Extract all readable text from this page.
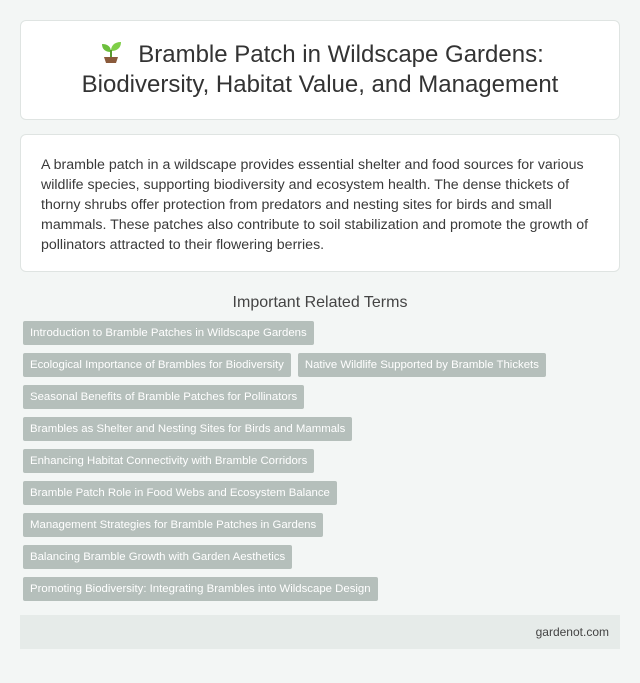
Bramble Patch in Wildscape Gardens: Biodiversity, Habitat Value, and Management

A bramble patch in a wildscape provides essential shelter and food sources for various wildlife species, supporting biodiversity and ecosystem health. The dense thickets of thorny shrubs offer protection from predators and nesting sites for birds and small mammals. These patches also contribute to soil stabilization and promote the growth of pollinators attracted to their flowering berries.

Important Related Terms
Introduction to Bramble Patches in Wildscape Gardens
Ecological Importance of Brambles for Biodiversity	Native Wildlife Supported by Bramble Thickets
Seasonal Benefits of Bramble Patches for Pollinators
Brambles as Shelter and Nesting Sites for Birds and Mammals
Enhancing Habitat Connectivity with Bramble Corridors
Bramble Patch Role in Food Webs and Ecosystem Balance
Management Strategies for Bramble Patches in Gardens
Balancing Bramble Growth with Garden Aesthetics
Promoting Biodiversity: Integrating Brambles into Wildscape Design
gardenot.com
